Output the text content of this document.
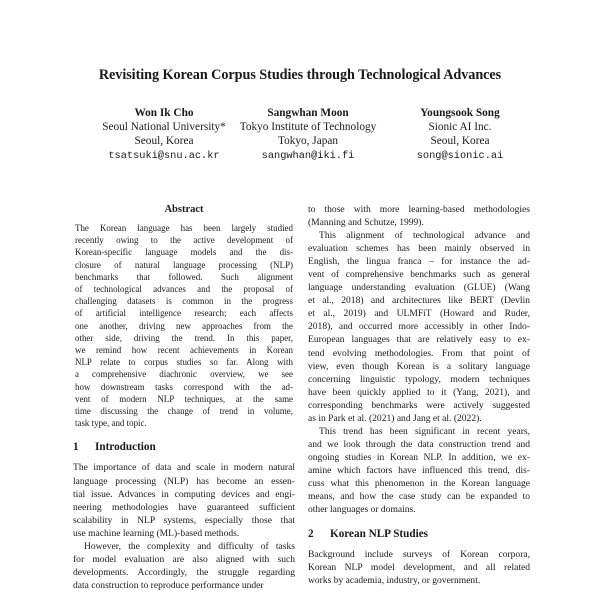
Revisiting Korean Corpus Studies through Technological Advances
Won Ik Cho
Seoul National University*
Seoul, Korea
tsatsuki@snu.ac.kr
Sangwhan Moon
Tokyo Institute of Technology
Tokyo, Japan
sangwhan@iki.fi
Youngsook Song
Sionic AI Inc.
Seoul, Korea
song@sionic.ai
Abstract
The Korean language has been largely studied
recently owing to the active development of
Korean-specific language models and the dis-
closure of natural language processing (NLP)
benchmarks that followed. Such alignment
of technological advances and the proposal of
challenging datasets is common in the progress
of artificial intelligence research; each affects
one another, driving new approaches from the
other side, driving the trend. In this paper,
we remind how recent achievements in Korean
NLP relate to corpus studies so far. Along with
a comprehensive diachronic overview, we see
how downstream tasks correspond with the ad-
vent of modern NLP techniques, at the same
time discussing the change of trend in volume,
task type, and topic.
1 Introduction
The importance of data and scale in modern natural
language processing (NLP) has become an essen-
tial issue. Advances in computing devices and engi-
neering methodologies have guaranteed sufficient
scalability in NLP systems, especially those that
use machine learning (ML)-based methods.
However, the complexity and difficulty of tasks
for model evaluation are also aligned with such
developments. Accordingly, the struggle regarding
data construction to reproduce performance under
to those with more learning-based methodologies
(Manning and Schutze, 1999).
This alignment of technological advance and
evaluation schemes has been mainly observed in
English, the lingua franca – for instance the ad-
vent of comprehensive benchmarks such as general
language understanding evaluation (GLUE) (Wang
et al., 2018) and architectures like BERT (Devlin
et al., 2019) and ULMFiT (Howard and Ruder,
2018), and occurred more accessibly in other Indo-
European languages that are relatively easy to ex-
tend evolving methodologies. From that point of
view, even though Korean is a solitary language
concerning linguistic typology, modern techniques
have been quickly applied to it (Yang, 2021), and
corresponding benchmarks were actively suggested
as in Park et al. (2021) and Jang et al. (2022).
This trend has been significant in recent years,
and we look through the data construction trend and
ongoing studies in Korean NLP. In addition, we ex-
amine which factors have influenced this trend, dis-
cuss what this phenomenon in the Korean language
means, and how the case study can be expanded to
other languages or domains.
2 Korean NLP Studies
Background include surveys of Korean corpora,
Korean NLP model development, and all related
works by academia, industry, or government.
